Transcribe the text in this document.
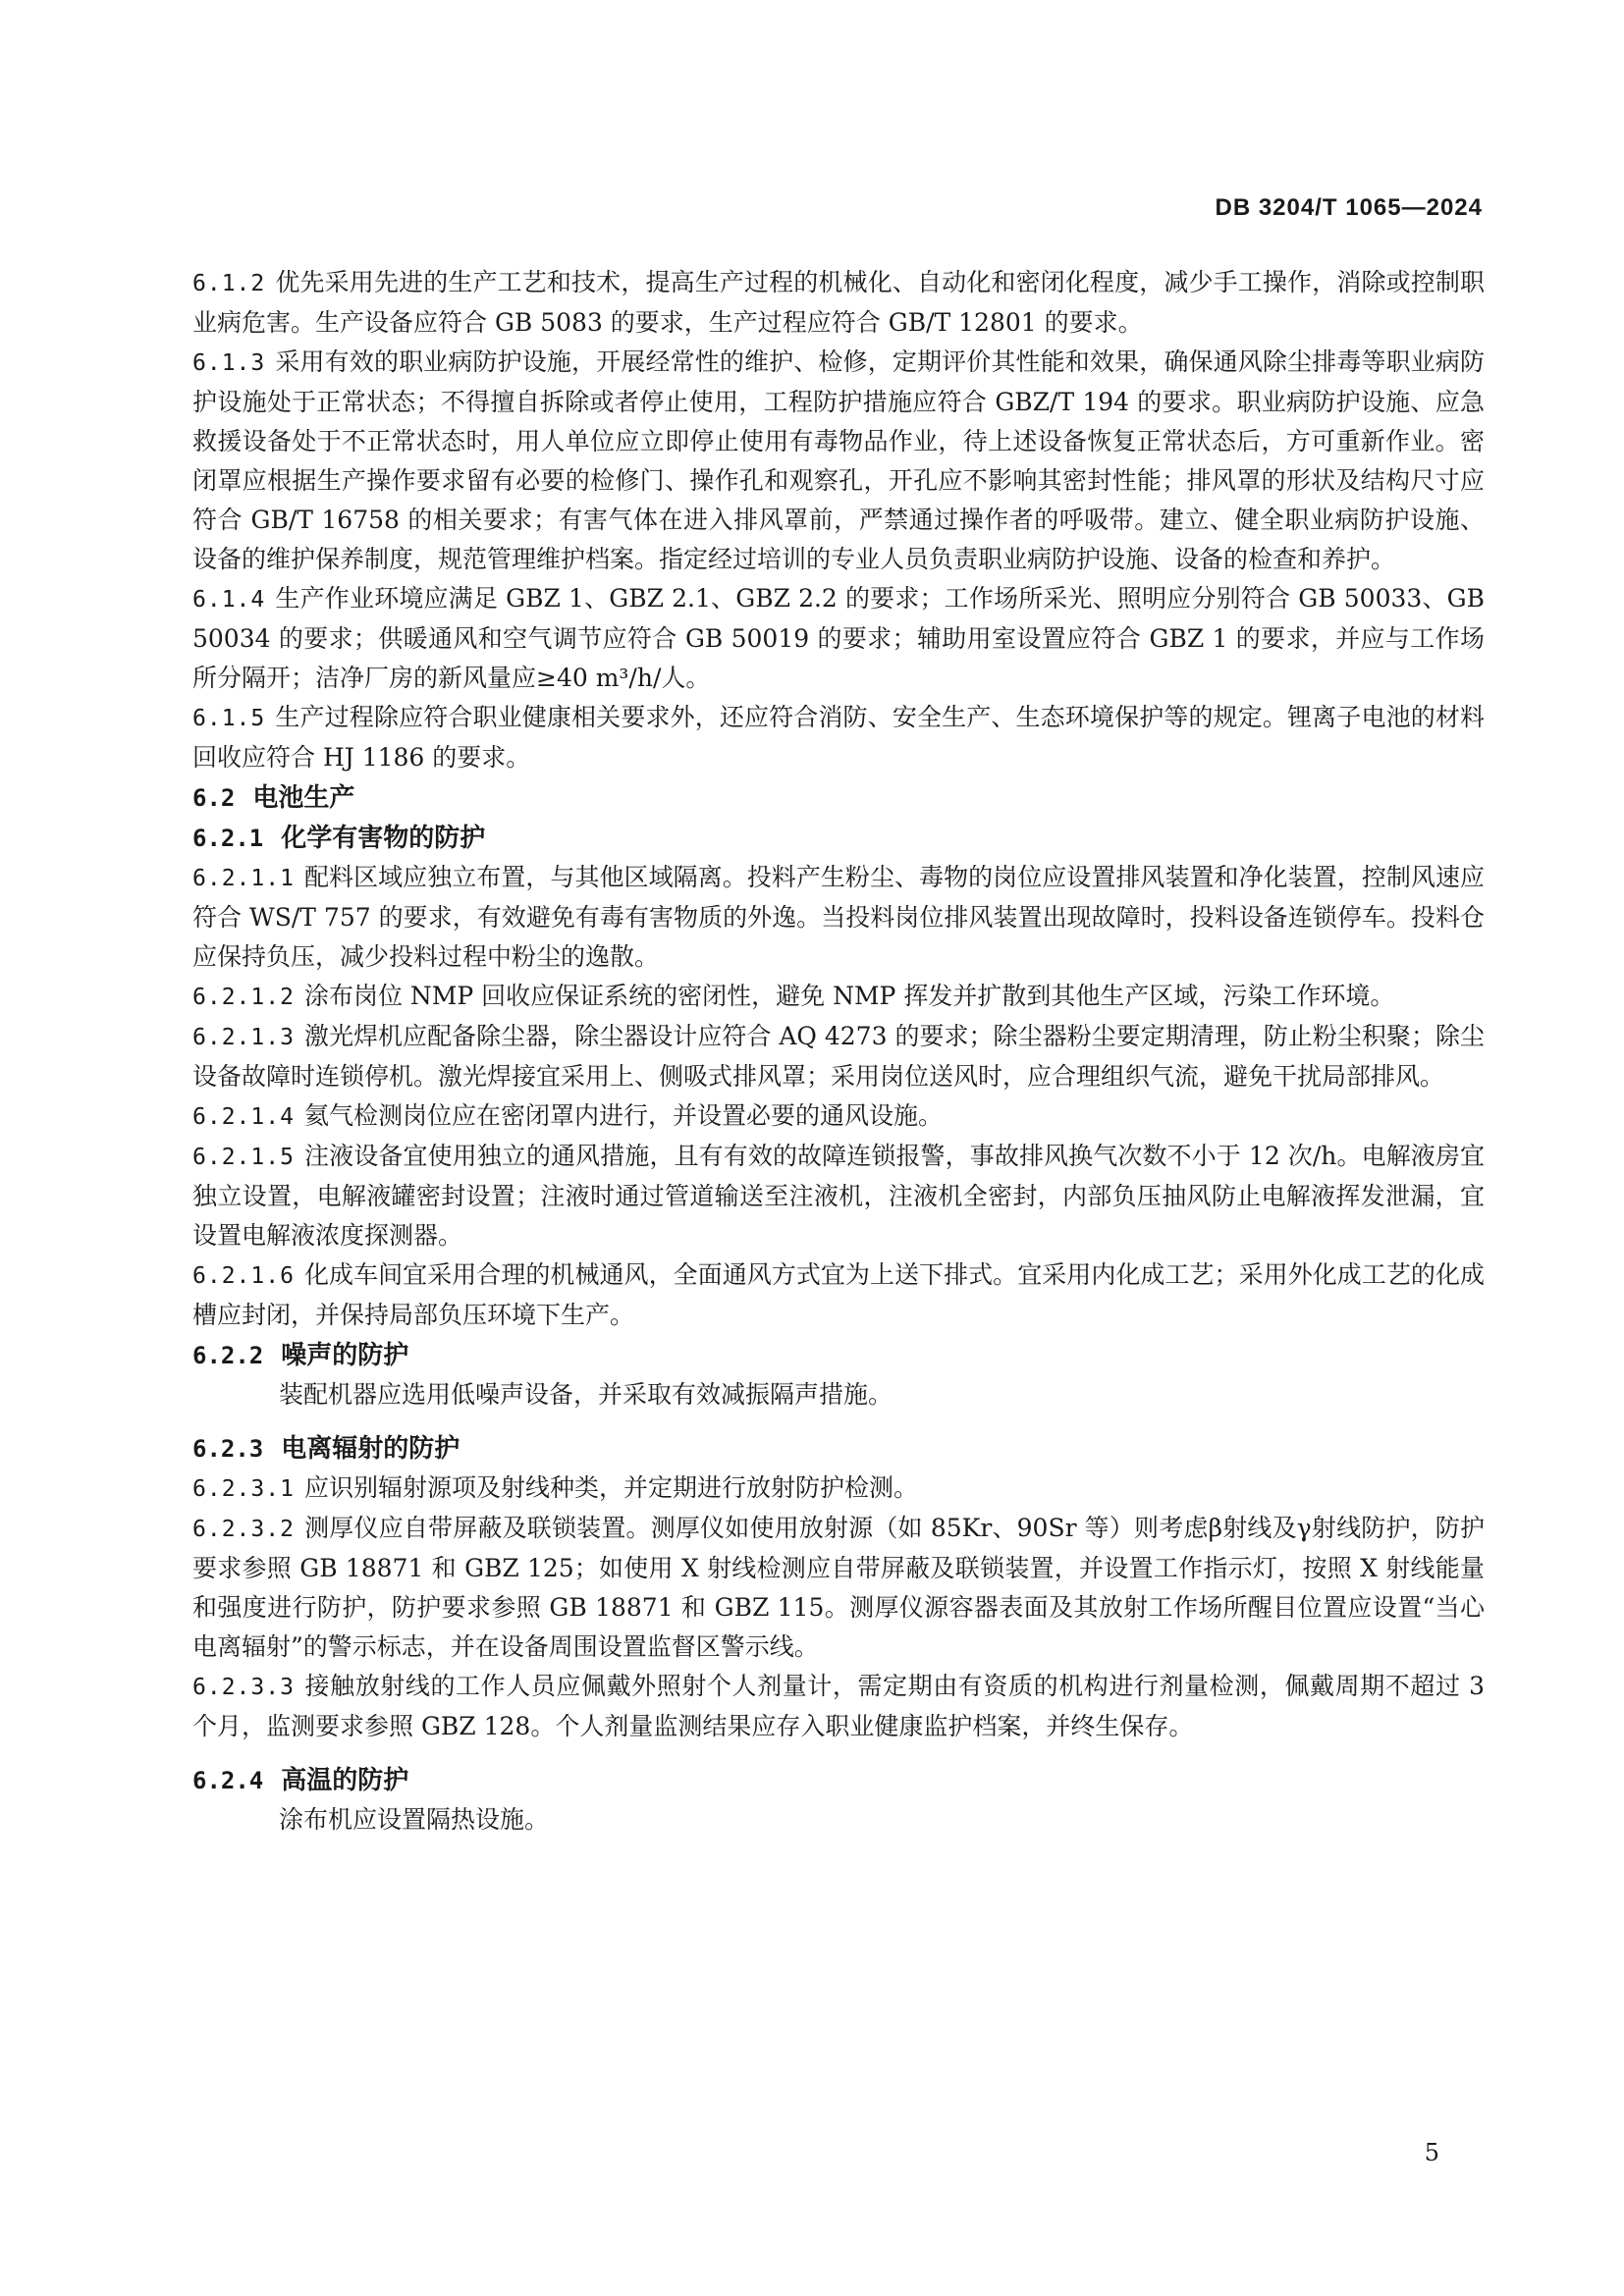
DB 3204/T 1065—2024

6.1.2 优先采用先进的生产工艺和技术，提高生产过程的机械化、自动化和密闭化程度，减少手工操作，消除或控制职业病危害。生产设备应符合 GB 5083 的要求，生产过程应符合 GB/T 12801 的要求。

6.1.3 采用有效的职业病防护设施，开展经常性的维护、检修，定期评价其性能和效果，确保通风除尘排毒等职业病防护设施处于正常状态；不得擅自拆除或者停止使用，工程防护措施应符合 GBZ/T 194 的要求。职业病防护设施、应急救援设备处于不正常状态时，用人单位应立即停止使用有毒物品作业，待上述设备恢复正常状态后，方可重新作业。密闭罩应根据生产操作要求留有必要的检修门、操作孔和观察孔，开孔应不影响其密封性能；排风罩的形状及结构尺寸应符合 GB/T 16758 的相关要求；有害气体在进入排风罩前，严禁通过操作者的呼吸带。建立、健全职业病防护设施、设备的维护保养制度，规范管理维护档案。指定经过培训的专业人员负责职业病防护设施、设备的检查和养护。

6.1.4 生产作业环境应满足 GBZ 1、GBZ 2.1、GBZ 2.2 的要求；工作场所采光、照明应分别符合 GB 50033、GB 50034 的要求；供暖通风和空气调节应符合 GB 50019 的要求；辅助用室设置应符合 GBZ 1 的要求，并应与工作场所分隔开；洁净厂房的新风量应≥40 m³/h/人。

6.1.5 生产过程除应符合职业健康相关要求外，还应符合消防、安全生产、生态环境保护等的规定。锂离子电池的材料回收应符合 HJ 1186 的要求。

6.2 电池生产

6.2.1 化学有害物的防护

6.2.1.1 配料区域应独立布置，与其他区域隔离。投料产生粉尘、毒物的岗位应设置排风装置和净化装置，控制风速应符合 WS/T 757 的要求，有效避免有毒有害物质的外逸。当投料岗位排风装置出现故障时，投料设备连锁停车。投料仓应保持负压，减少投料过程中粉尘的逸散。

6.2.1.2 涂布岗位 NMP 回收应保证系统的密闭性，避免 NMP 挥发并扩散到其他生产区域，污染工作环境。

6.2.1.3 激光焊机应配备除尘器，除尘器设计应符合 AQ 4273 的要求；除尘器粉尘要定期清理，防止粉尘积聚；除尘设备故障时连锁停机。激光焊接宜采用上、侧吸式排风罩；采用岗位送风时，应合理组织气流，避免干扰局部排风。

6.2.1.4 氦气检测岗位应在密闭罩内进行，并设置必要的通风设施。

6.2.1.5 注液设备宜使用独立的通风措施，且有有效的故障连锁报警，事故排风换气次数不小于 12 次/h。电解液房宜独立设置，电解液罐密封设置；注液时通过管道输送至注液机，注液机全密封，内部负压抽风防止电解液挥发泄漏，宜设置电解液浓度探测器。

6.2.1.6 化成车间宜采用合理的机械通风，全面通风方式宜为上送下排式。宜采用内化成工艺；采用外化成工艺的化成槽应封闭，并保持局部负压环境下生产。

6.2.2 噪声的防护

装配机器应选用低噪声设备，并采取有效减振隔声措施。

6.2.3 电离辐射的防护

6.2.3.1 应识别辐射源项及射线种类，并定期进行放射防护检测。

6.2.3.2 测厚仪应自带屏蔽及联锁装置。测厚仪如使用放射源（如 85Kr、90Sr 等）则考虑β射线及γ射线防护，防护要求参照 GB 18871 和 GBZ 125；如使用 X 射线检测应自带屏蔽及联锁装置，并设置工作指示灯，按照 X 射线能量和强度进行防护，防护要求参照 GB 18871 和 GBZ 115。测厚仪源容器表面及其放射工作场所醒目位置应设置“当心电离辐射”的警示标志，并在设备周围设置监督区警示线。

6.2.3.3 接触放射线的工作人员应佩戴外照射个人剂量计，需定期由有资质的机构进行剂量检测，佩戴周期不超过 3 个月，监测要求参照 GBZ 128。个人剂量监测结果应存入职业健康监护档案，并终生保存。

6.2.4 高温的防护

涂布机应设置隔热设施。

5
